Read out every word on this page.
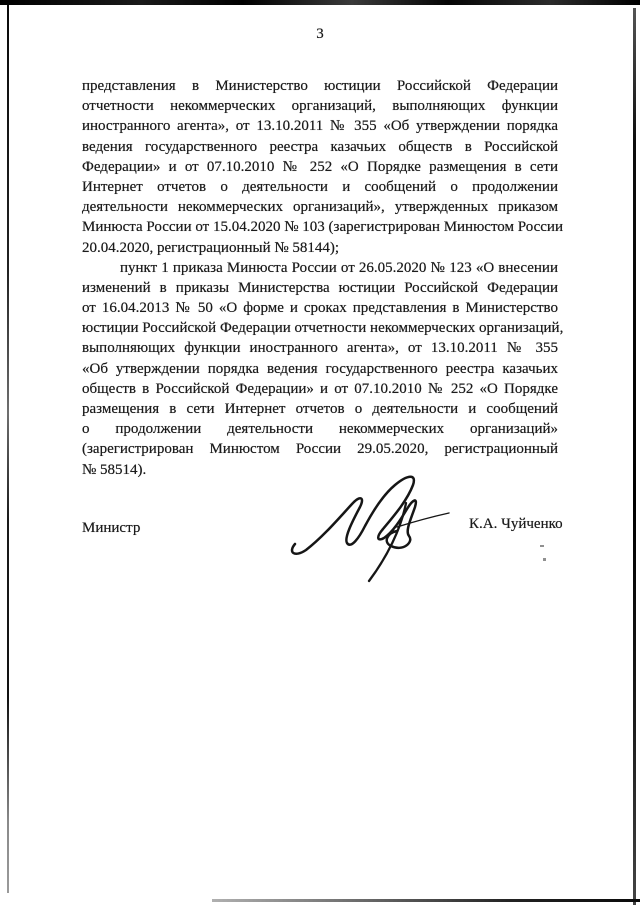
3
представления в Министерство юстиции Российской Федерации
отчетности некоммерческих организаций, выполняющих функции
иностранного агента», от 13.10.2011 № 355 «Об утверждении порядка
ведения государственного реестра казачьих обществ в Российской
Федерации» и от 07.10.2010 № 252 «О Порядке размещения в сети
Интернет отчетов о деятельности и сообщений о продолжении
деятельности некоммерческих организаций», утвержденных приказом
Минюста России от 15.04.2020 № 103 (зарегистрирован Минюстом России
20.04.2020, регистрационный № 58144);
пункт 1 приказа Минюста России от 26.05.2020 № 123 «О внесении
изменений в приказы Министерства юстиции Российской Федерации
от 16.04.2013 № 50 «О форме и сроках представления в Министерство
юстиции Российской Федерации отчетности некоммерческих организаций,
выполняющих функции иностранного агента», от 13.10.2011 № 355
«Об утверждении порядка ведения государственного реестра казачьих
обществ в Российской Федерации» и от 07.10.2010 № 252 «О Порядке
размещения в сети Интернет отчетов о деятельности и сообщений
о продолжении деятельности некоммерческих организаций»
(зарегистрирован Минюстом России 29.05.2020, регистрационный
№ 58514).
Министр	К.А. Чуйченко
